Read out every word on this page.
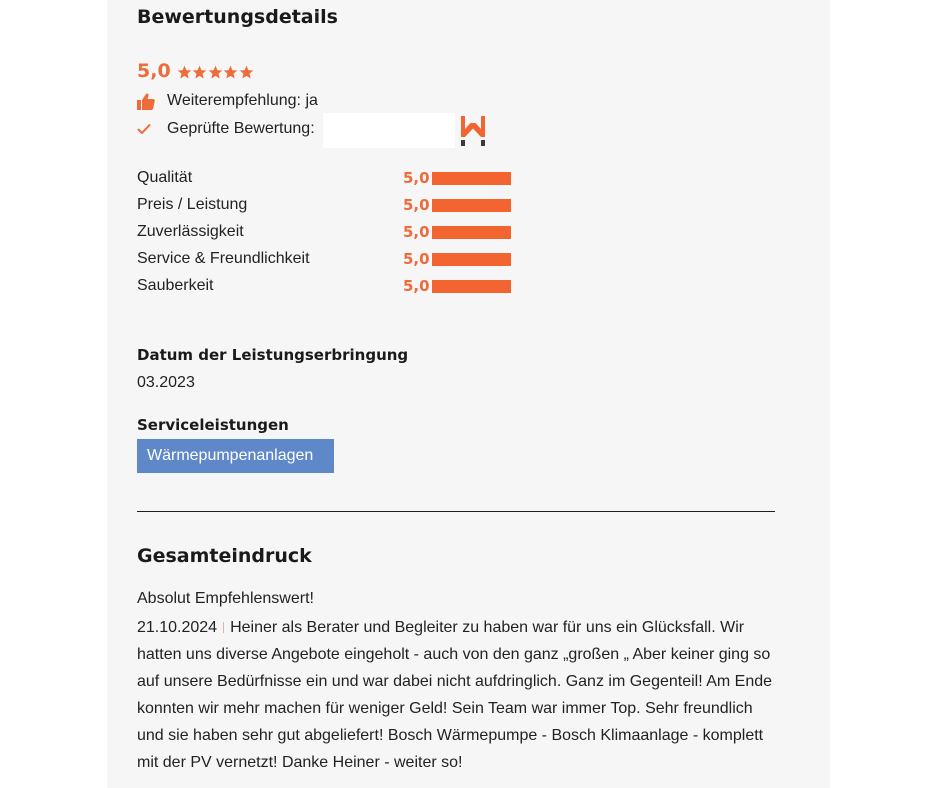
Bewertungsdetails
5,0
Weiterempfehlung: ja
Geprüfte Bewertung:
Qualität	5,0
Preis / Leistung	5,0
Zuverlässigkeit	5,0
Service & Freundlichkeit	5,0
Sauberkeit	5,0
Datum der Leistungserbringung
03.2023
Serviceleistungen
Wärmepumpenanlagen
Gesamteindruck
Absolut Empfehlenswert!
21.10.2024 Heiner als Berater und Begleiter zu haben war für uns ein Glücksfall. Wir hatten uns diverse Angebote eingeholt - auch von den ganz „großen „ Aber keiner ging so auf unsere Bedürfnisse ein und war dabei nicht aufdringlich. Ganz im Gegenteil! Am Ende konnten wir mehr machen für weniger Geld! Sein Team war immer Top. Sehr freundlich und sie haben sehr gut abgeliefert! Bosch Wärmepumpe - Bosch Klimaanlage - komplett mit der PV vernetzt! Danke Heiner - weiter so!
